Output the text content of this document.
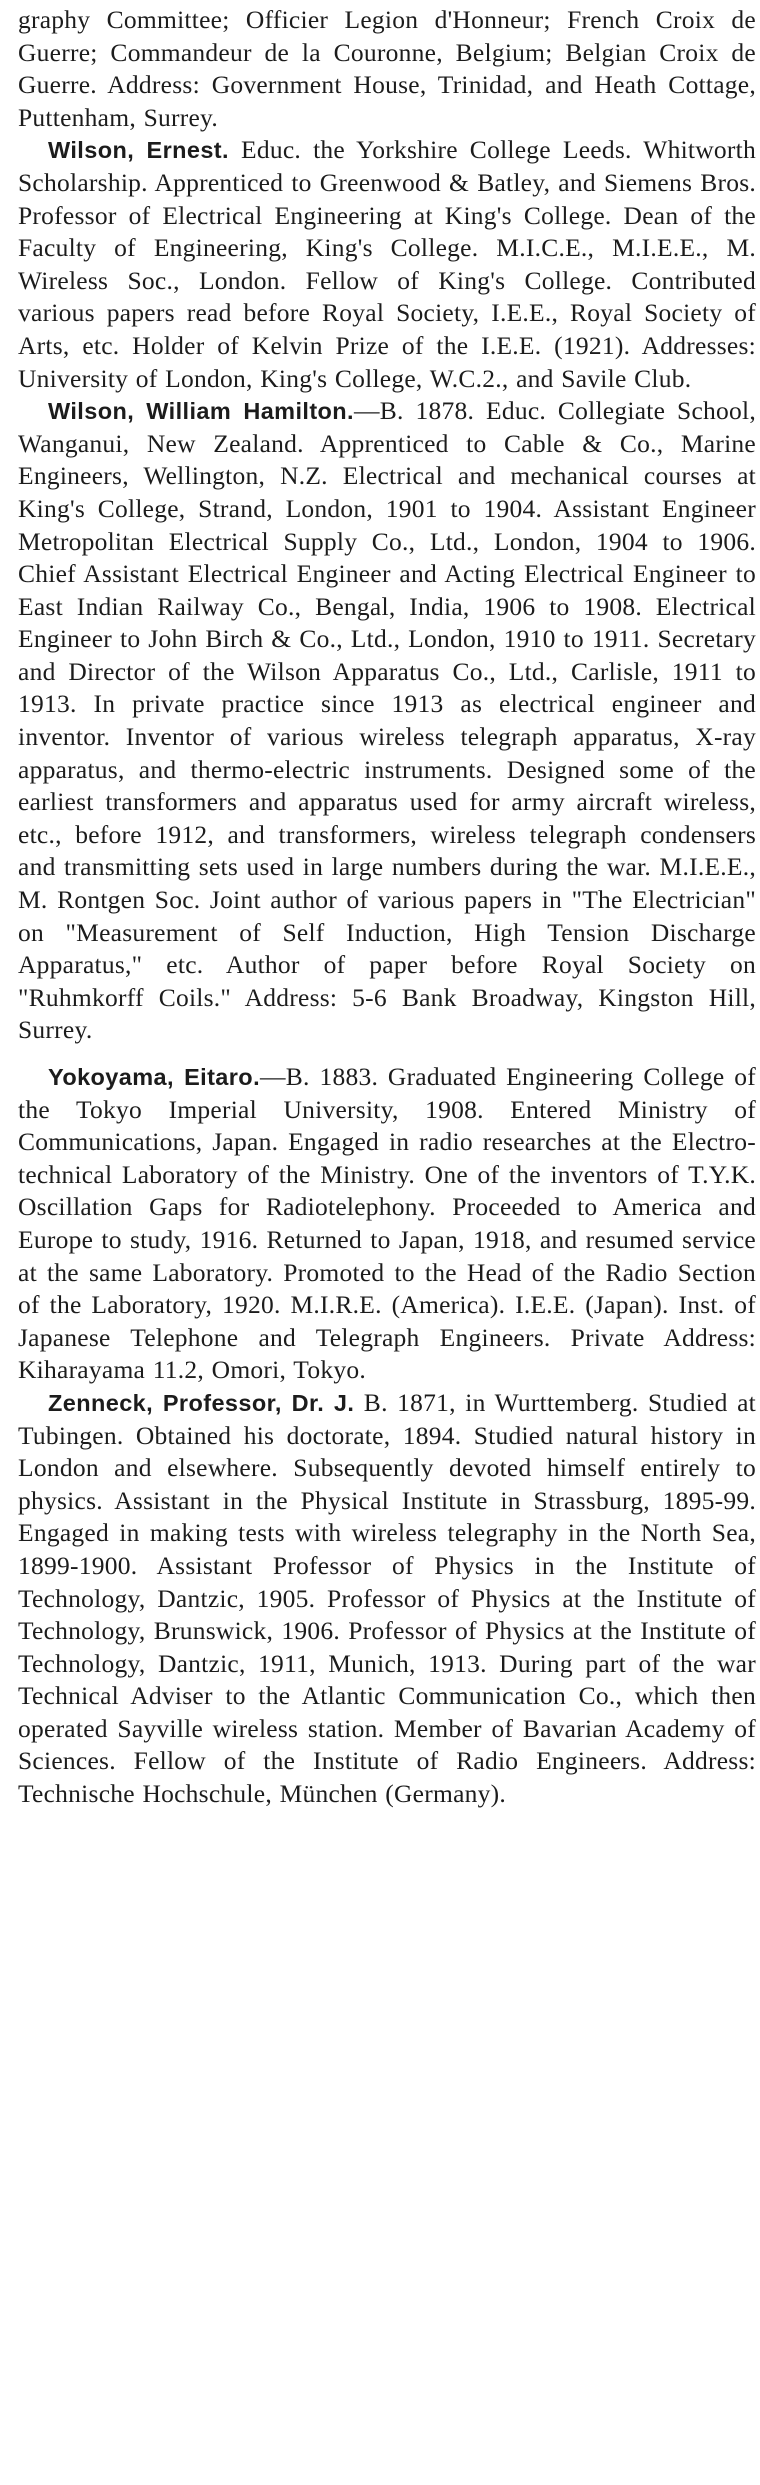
graphy Committee; Officier Legion d'Honneur; French Croix de Guerre; Commandeur de la Couronne, Belgium; Belgian Croix de Guerre. Address: Government House, Trinidad, and Heath Cottage, Puttenham, Surrey.

Wilson, Ernest. Educ. the Yorkshire College Leeds. Whitworth Scholarship. Apprenticed to Greenwood & Batley, and Siemens Bros. Professor of Electrical Engineering at King's College. Dean of the Faculty of Engineering, King's College. M.I.C.E., M.I.E.E., M. Wireless Soc., London. Fellow of King's College. Contributed various papers read before Royal Society, I.E.E., Royal Society of Arts, etc. Holder of Kelvin Prize of the I.E.E. (1921). Addresses: University of London, King's College, W.C.2., and Savile Club.

Wilson, William Hamilton.—B. 1878. Educ. Collegiate School, Wanganui, New Zealand. Apprenticed to Cable & Co., Marine Engineers, Wellington, N.Z. Electrical and mechanical courses at King's College, Strand, London, 1901 to 1904. Assistant Engineer Metropolitan Electrical Supply Co., Ltd., London, 1904 to 1906. Chief Assistant Electrical Engineer and Acting Electrical Engineer to East Indian Railway Co., Bengal, India, 1906 to 1908. Electrical Engineer to John Birch & Co., Ltd., London, 1910 to 1911. Secretary and Director of the Wilson Apparatus Co., Ltd., Carlisle, 1911 to 1913. In private practice since 1913 as electrical engineer and inventor. Inventor of various wireless telegraph apparatus, X-ray apparatus, and thermo-electric instruments. Designed some of the earliest transformers and apparatus used for army aircraft wireless, etc., before 1912, and transformers, wireless telegraph condensers and transmitting sets used in large numbers during the war. M.I.E.E., M. Rontgen Soc. Joint author of various papers in "The Electrician" on "Measurement of Self Induction, High Tension Discharge Apparatus," etc. Author of paper before Royal Society on "Ruhmkorff Coils." Address: 5-6 Bank Broadway, Kingston Hill, Surrey.

Yokoyama, Eitaro.—B. 1883. Graduated Engineering College of the Tokyo Imperial University, 1908. Entered Ministry of Communications, Japan. Engaged in radio researches at the Electro-technical Laboratory of the Ministry. One of the inventors of T.Y.K. Oscillation Gaps for Radiotelephony. Proceeded to America and Europe to study, 1916. Returned to Japan, 1918, and resumed service at the same Laboratory. Promoted to the Head of the Radio Section of the Laboratory, 1920. M.I.R.E. (America). I.E.E. (Japan). Inst. of Japanese Telephone and Telegraph Engineers. Private Address: Kiharayama 11.2, Omori, Tokyo.

Zenneck, Professor, Dr. J. B. 1871, in Wurttemberg. Studied at Tubingen. Obtained his doctorate, 1894. Studied natural history in London and elsewhere. Subsequently devoted himself entirely to physics. Assistant in the Physical Institute in Strassburg, 1895-99. Engaged in making tests with wireless telegraphy in the North Sea, 1899-1900. Assistant Professor of Physics in the Institute of Technology, Dantzic, 1905. Professor of Physics at the Institute of Technology, Brunswick, 1906. Professor of Physics at the Institute of Technology, Dantzic, 1911, Munich, 1913. During part of the war Technical Adviser to the Atlantic Communication Co., which then operated Sayville wireless station. Member of Bavarian Academy of Sciences. Fellow of the Institute of Radio Engineers. Address: Technische Hochschule, München (Germany).
